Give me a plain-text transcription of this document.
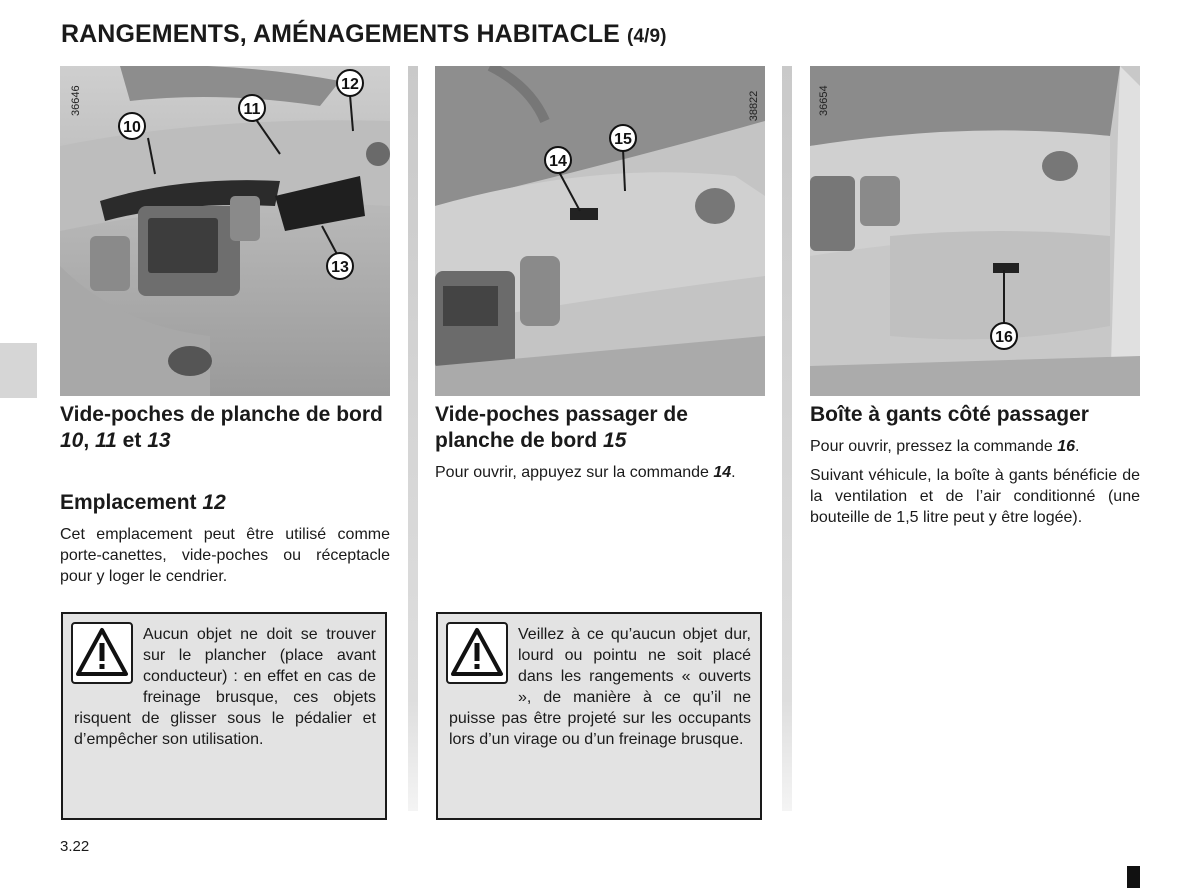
RANGEMENTS, AMÉNAGEMENTS HABITACLE (4/9)
10
11
12
13
36646
14
15
38822
16
36654
Vide-poches de planche de bord 10, 11 et 13
Emplacement 12

Cet emplacement peut être utilisé comme porte-canettes, vide-poches ou réceptacle pour y loger le cendrier.

Vide-poches passager de planche de bord 15

Pour ouvrir, appuyez sur la commande 14.

Boîte à gants côté passager

Pour ouvrir, pressez la commande 16.

Suivant véhicule, la boîte à gants bénéficie de la ventilation et de l’air conditionné (une bouteille de 1,5 litre peut y être logée).

Aucun objet ne doit se trouver sur le plancher (place avant conducteur) : en effet en cas de freinage brusque, ces objets risquent de glisser sous le pédalier et d’empêcher son utilisation.
Veillez à ce qu’aucun objet dur, lourd ou pointu ne soit placé dans les rangements « ouverts », de manière à ce qu’il ne puisse pas être projeté sur les occupants lors d’un virage ou d’un freinage brusque.
3.22
